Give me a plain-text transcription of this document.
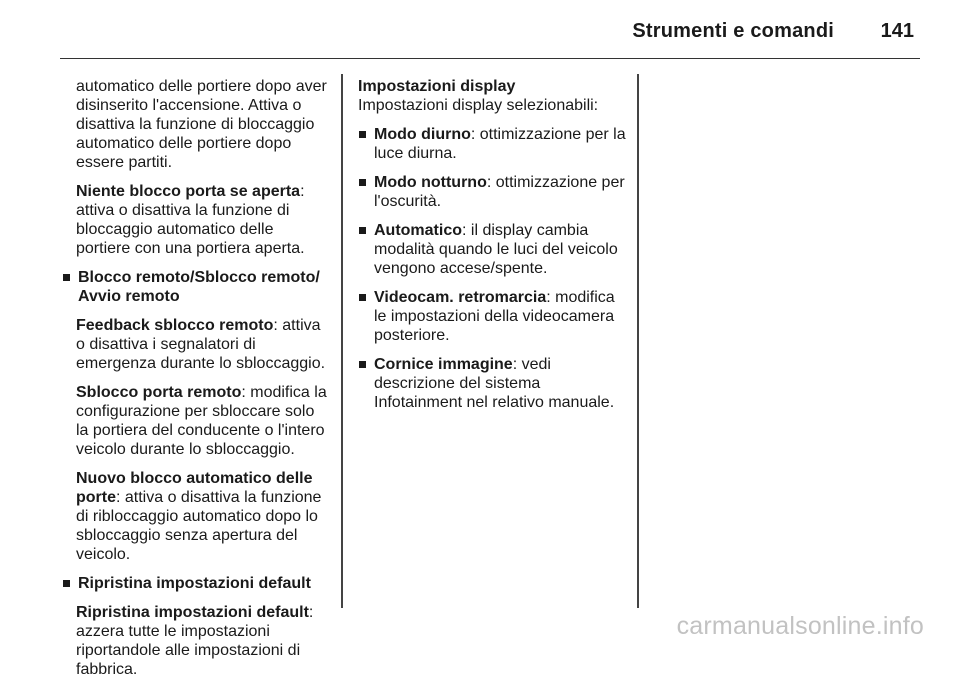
Strumenti e comandi 141

automatico delle portiere dopo aver disinserito l'accensione. Attiva o disattiva la funzione di bloccaggio automatico delle portiere dopo essere partiti.

Niente blocco porta se aperta: attiva o disattiva la funzione di bloccaggio automatico delle portiere con una portiera aperta.

Blocco remoto/Sblocco remoto/ Avvio remoto

Feedback sblocco remoto: attiva o disattiva i segnalatori di emergenza durante lo sbloccaggio.

Sblocco porta remoto: modifica la configurazione per sbloccare solo la portiera del conducente o l'intero veicolo durante lo sbloccaggio.

Nuovo blocco automatico delle porte: attiva o disattiva la funzione di ribloccaggio automatico dopo lo sbloccaggio senza apertura del veicolo.

Ripristina impostazioni default

Ripristina impostazioni default: azzera tutte le impostazioni riportandole alle impostazioni di fabbrica.

Impostazioni display

Impostazioni display selezionabili:

Modo diurno: ottimizzazione per la luce diurna.
Modo notturno: ottimizzazione per l'oscurità.
Automatico: il display cambia modalità quando le luci del veicolo vengono accese/spente.
Videocam. retromarcia: modifica le impostazioni della videocamera posteriore.
Cornice immagine: vedi descrizione del sistema Infotainment nel relativo manuale.
carmanualsonline.info
